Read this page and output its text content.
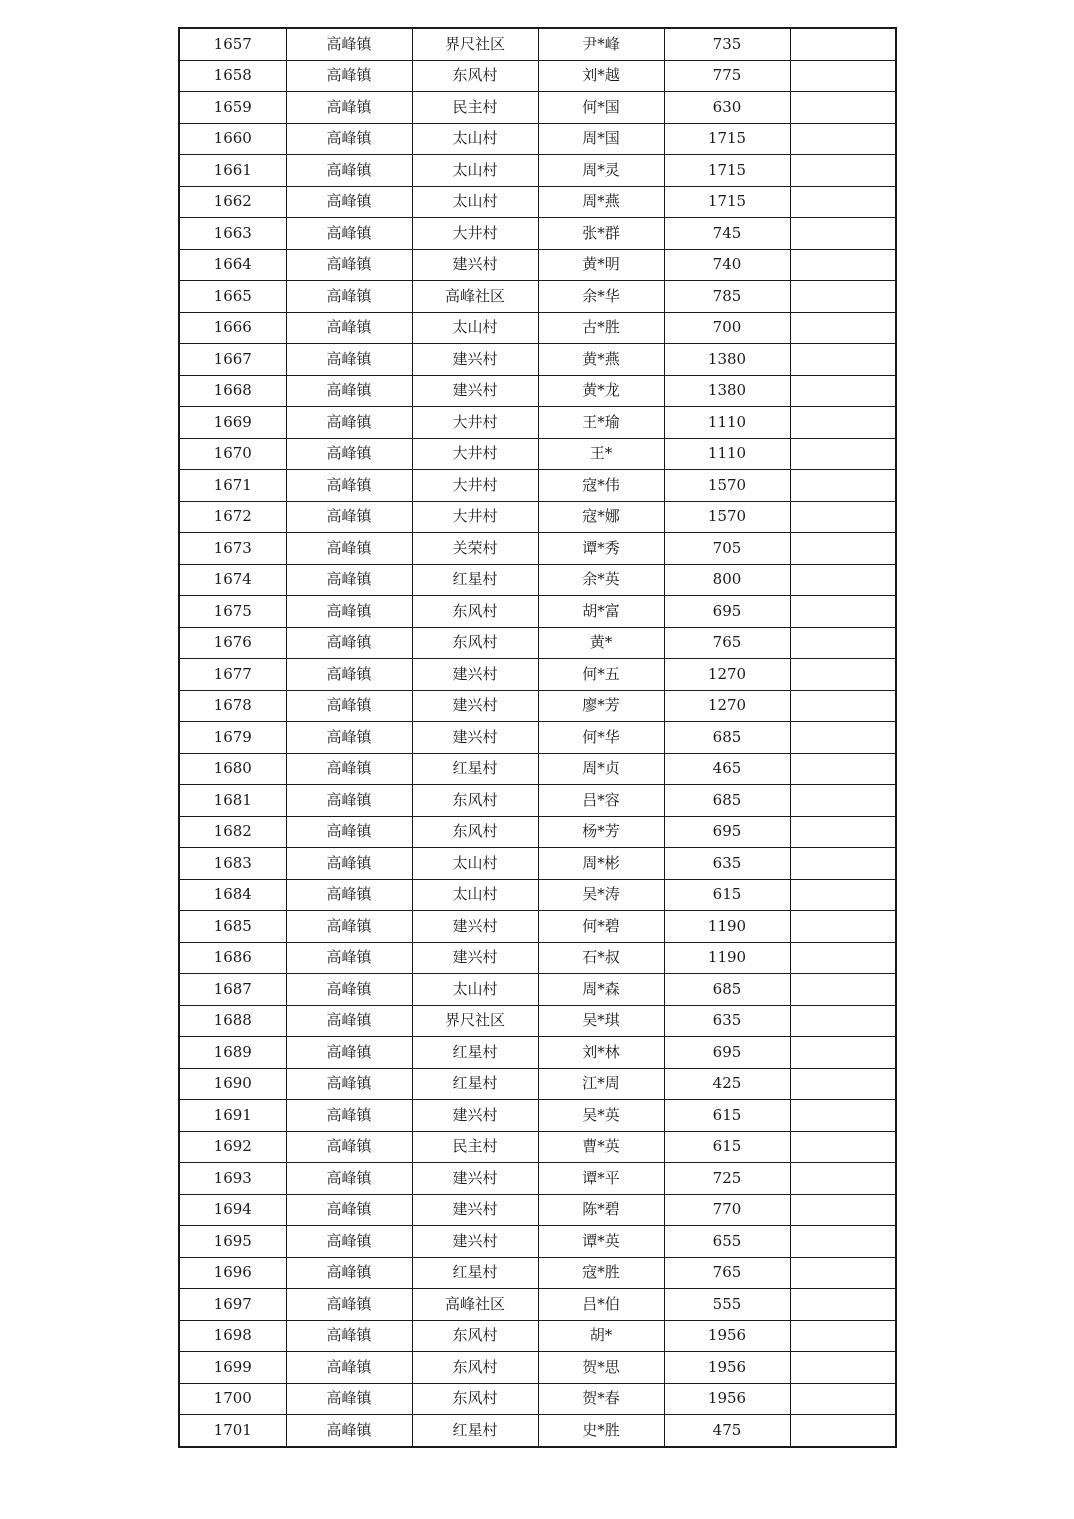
1657	高峰镇	界尺社区	尹*峰	735	
1658	高峰镇	东风村	刘*越	775	
1659	高峰镇	民主村	何*国	630	
1660	高峰镇	太山村	周*国	1715	
1661	高峰镇	太山村	周*灵	1715	
1662	高峰镇	太山村	周*燕	1715	
1663	高峰镇	大井村	张*群	745	
1664	高峰镇	建兴村	黄*明	740	
1665	高峰镇	高峰社区	余*华	785	
1666	高峰镇	太山村	古*胜	700	
1667	高峰镇	建兴村	黄*燕	1380	
1668	高峰镇	建兴村	黄*龙	1380	
1669	高峰镇	大井村	王*瑜	1110	
1670	高峰镇	大井村	王*	1110	
1671	高峰镇	大井村	寇*伟	1570	
1672	高峰镇	大井村	寇*娜	1570	
1673	高峰镇	关荣村	谭*秀	705	
1674	高峰镇	红星村	余*英	800	
1675	高峰镇	东风村	胡*富	695	
1676	高峰镇	东风村	黄*	765	
1677	高峰镇	建兴村	何*五	1270	
1678	高峰镇	建兴村	廖*芳	1270	
1679	高峰镇	建兴村	何*华	685	
1680	高峰镇	红星村	周*贞	465	
1681	高峰镇	东风村	吕*容	685	
1682	高峰镇	东风村	杨*芳	695	
1683	高峰镇	太山村	周*彬	635	
1684	高峰镇	太山村	吴*涛	615	
1685	高峰镇	建兴村	何*碧	1190	
1686	高峰镇	建兴村	石*叔	1190	
1687	高峰镇	太山村	周*森	685	
1688	高峰镇	界尺社区	吴*琪	635	
1689	高峰镇	红星村	刘*林	695	
1690	高峰镇	红星村	江*周	425	
1691	高峰镇	建兴村	吴*英	615	
1692	高峰镇	民主村	曹*英	615	
1693	高峰镇	建兴村	谭*平	725	
1694	高峰镇	建兴村	陈*碧	770	
1695	高峰镇	建兴村	谭*英	655	
1696	高峰镇	红星村	寇*胜	765	
1697	高峰镇	高峰社区	吕*伯	555	
1698	高峰镇	东风村	胡*	1956	
1699	高峰镇	东风村	贺*思	1956	
1700	高峰镇	东风村	贺*春	1956	
1701	高峰镇	红星村	史*胜	475	
